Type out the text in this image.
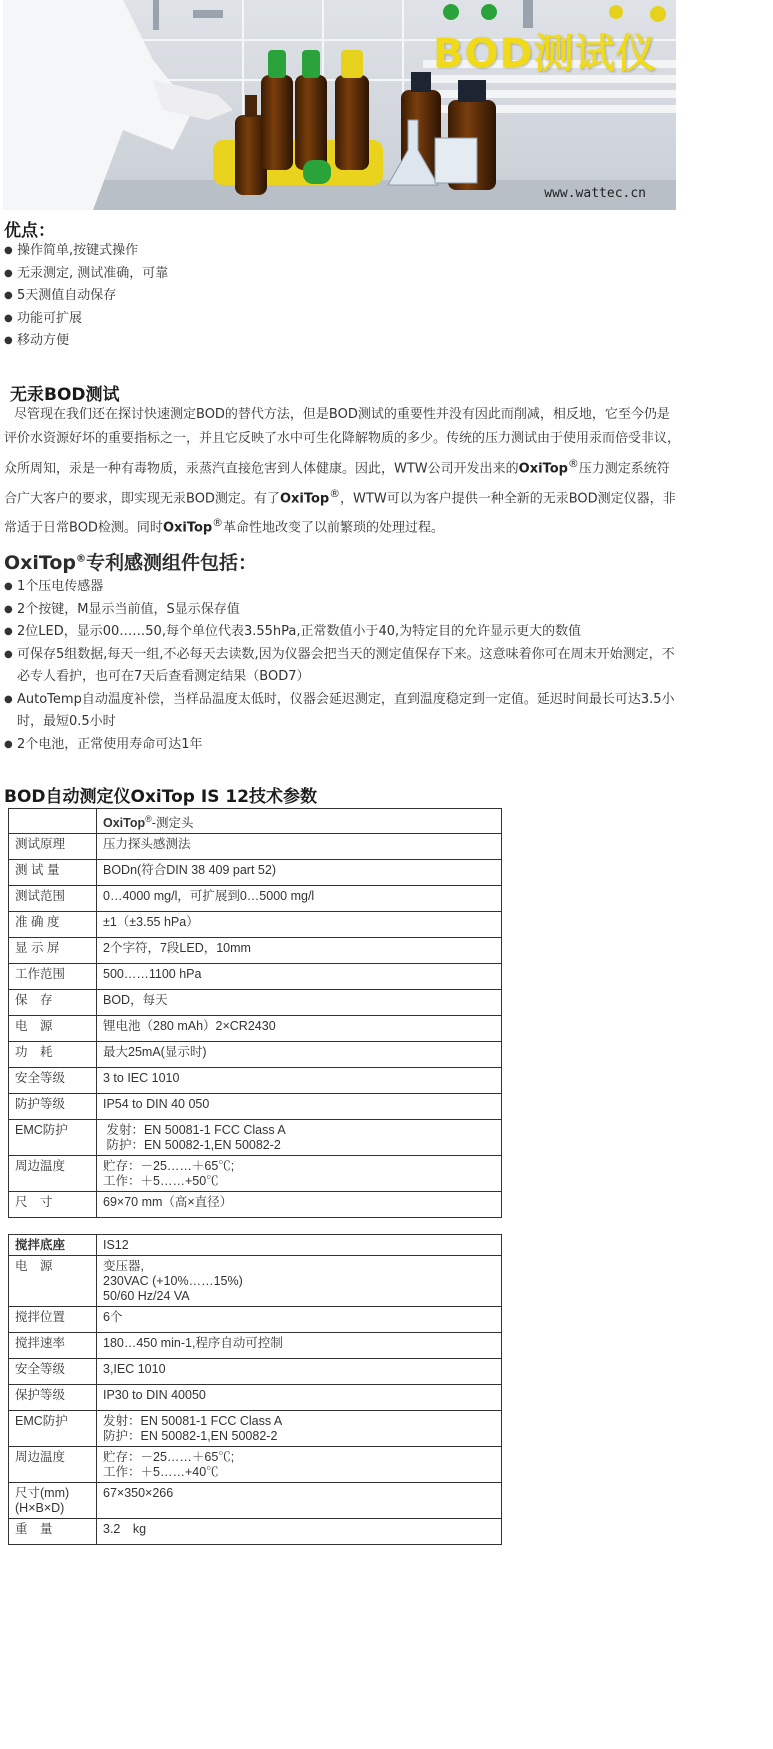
BOD测试仪
www.wattec.cn
优点：
● 操作简单,按键式操作
● 无汞测定, 测试准确，可靠
● 5天测值自动保存
● 功能可扩展
● 移动方便
无汞BOD测试
尽管现在我们还在探讨快速测定BOD的替代方法，但是BOD测试的重要性并没有因此而削减，相反地，它至今仍是评价水资源好坏的重要指标之一，并且它反映了水中可生化降解物质的多少。传统的压力测试由于使用汞而倍受非议，众所周知，汞是一种有毒物质，汞蒸汽直接危害到人体健康。因此，WTW公司开发出来的OxiTop®压力测定系统符合广大客户的要求，即实现无汞BOD测定。有了OxiTop®，WTW可以为客户提供一种全新的无汞BOD测定仪器，非常适于日常BOD检测。同时OxiTop®革命性地改变了以前繁琐的处理过程。
OxiTop®专利感测组件包括：
● 1个压电传感器
● 2个按键，M显示当前值，S显示保存值
● 2位LED，显示00……50,每个单位代表3.55hPa,正常数值小于40,为特定目的允许显示更大的数值
● 可保存5组数据,每天一组,不必每天去读数,因为仪器会把当天的测定值保存下来。这意味着你可在周末开始测定，不必专人看护，也可在7天后查看测定结果（BOD7）
● AutoTemp自动温度补偿，当样品温度太低时，仪器会延迟测定，直到温度稳定到一定值。延迟时间最长可达3.5小时，最短0.5小时
● 2个电池，正常使用寿命可达1年
BOD自动测定仪OxiTop IS 12技术参数
	OxiTop®-测定头

测试原理	压力探头感测法

测 试 量	BODn(符合DIN 38 409 part 52)

测试范围	0…4000 mg/l，可扩展到0…5000 mg/l

准 确 度	±1（±3.55 hPa）

显 示 屏	2个字符，7段LED，10mm

工作范围	500……1100 hPa

保　存	BOD，每天

电　源	锂电池（280 mAh）2×CR2430

功　耗	最大25mA(显示时)

安全等级	3 to IEC 1010

防护等级	IP54 to DIN 40 050

EMC防护	发射：EN 50081-1 FCC Class A
防护：EN 50082-1,EN 50082-2

周边温度	贮存：－25……＋65℃;
工作：＋5……+50℃

尺　寸	69×70 mm（高×直径）
搅拌底座	IS12

电　源	变压器,
230VAC (+10%……15%)
50/60 Hz/24 VA

搅拌位置	6个

搅拌速率	180…450 min-1,程序自动可控制

安全等级	3,IEC 1010

保护等级	IP30 to DIN 40050

EMC防护	发射：EN 50081-1 FCC Class A
防护：EN 50082-1,EN 50082-2

周边温度	贮存：－25……＋65℃;
工作：＋5……+40℃

尺寸(mm)
(H×B×D)	67×350×266

重　量	3.2　kg
